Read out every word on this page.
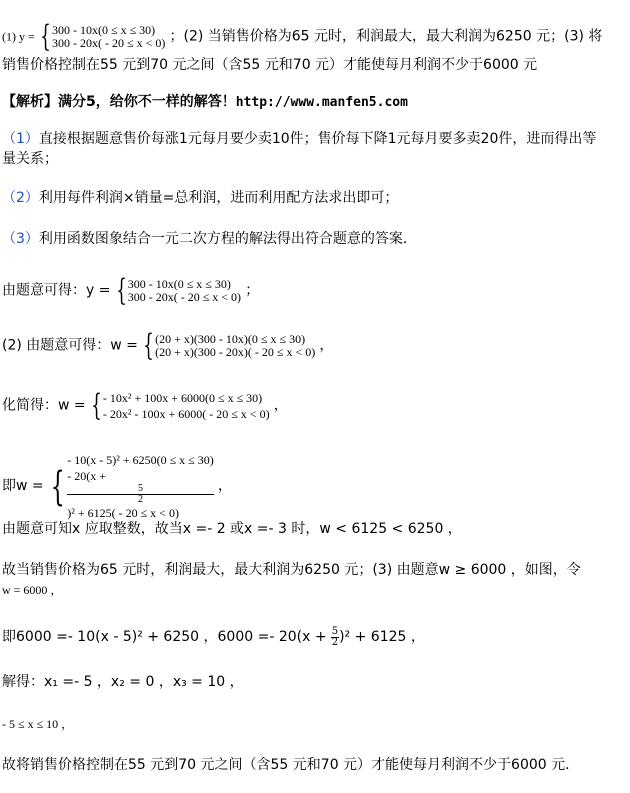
(1) y = { 300 - 10x(0 ≤ x ≤ 30)
300 - 20x( - 20 ≤ x < 0) ；(2) 当销售价格为65 元时，利润最大，最大利润为6250 元；(3) 将
销售价格控制在55 元到70 元之间（含55 元和70 元）才能使每月利润不少于6000 元
【解析】满分5，给你不一样的解答！http://www.manfen5.com
（1）直接根据题意售价每涨1元每月要少卖10件；售价每下降1元每月要多卖20件，进而得出等
量关系；
（2）利用每件利润×销量=总利润，进而利用配方法求出即可；
（3）利用函数图象结合一元二次方程的解法得出符合题意的答案．
由题意可得：y = { 300 - 10x(0 ≤ x ≤ 30)
300 - 20x( - 20 ≤ x < 0) ；
(2) 由题意可得：w = { (20 + x)(300 - 10x)(0 ≤ x ≤ 30)
(20 + x)(300 - 20x)( - 20 ≤ x < 0) ，
化简得：w = { - 10x² + 100x + 6000(0 ≤ x ≤ 30)
- 20x² - 100x + 6000( - 20 ≤ x < 0)
，
即w = {
- 10(x - 5)² + 6250(0 ≤ x ≤ 30)
- 20(x +
5
2
)² + 6125( - 20 ≤ x < 0)
，
由题意可知x 应取整数，故当x =- 2 或x =- 3 时，w < 6125 < 6250 ，
故当销售价格为65 元时，利润最大，最大利润为6250 元；(3) 由题意w ≥ 6000 ，如图，令
w = 6000 ，
即6000 =- 10(x - 5)² + 6250 ，$6000 =- 20(x + \frac{5}{2} )^2 + 6125$ ，
解得：x₁ =- 5 ，x₂ = 0 ，x₃ = 10 ，
- 5 ≤ x ≤ 10 ，
故将销售价格控制在55 元到70 元之间（含55 元和70 元）才能使每月利润不少于6000 元．
